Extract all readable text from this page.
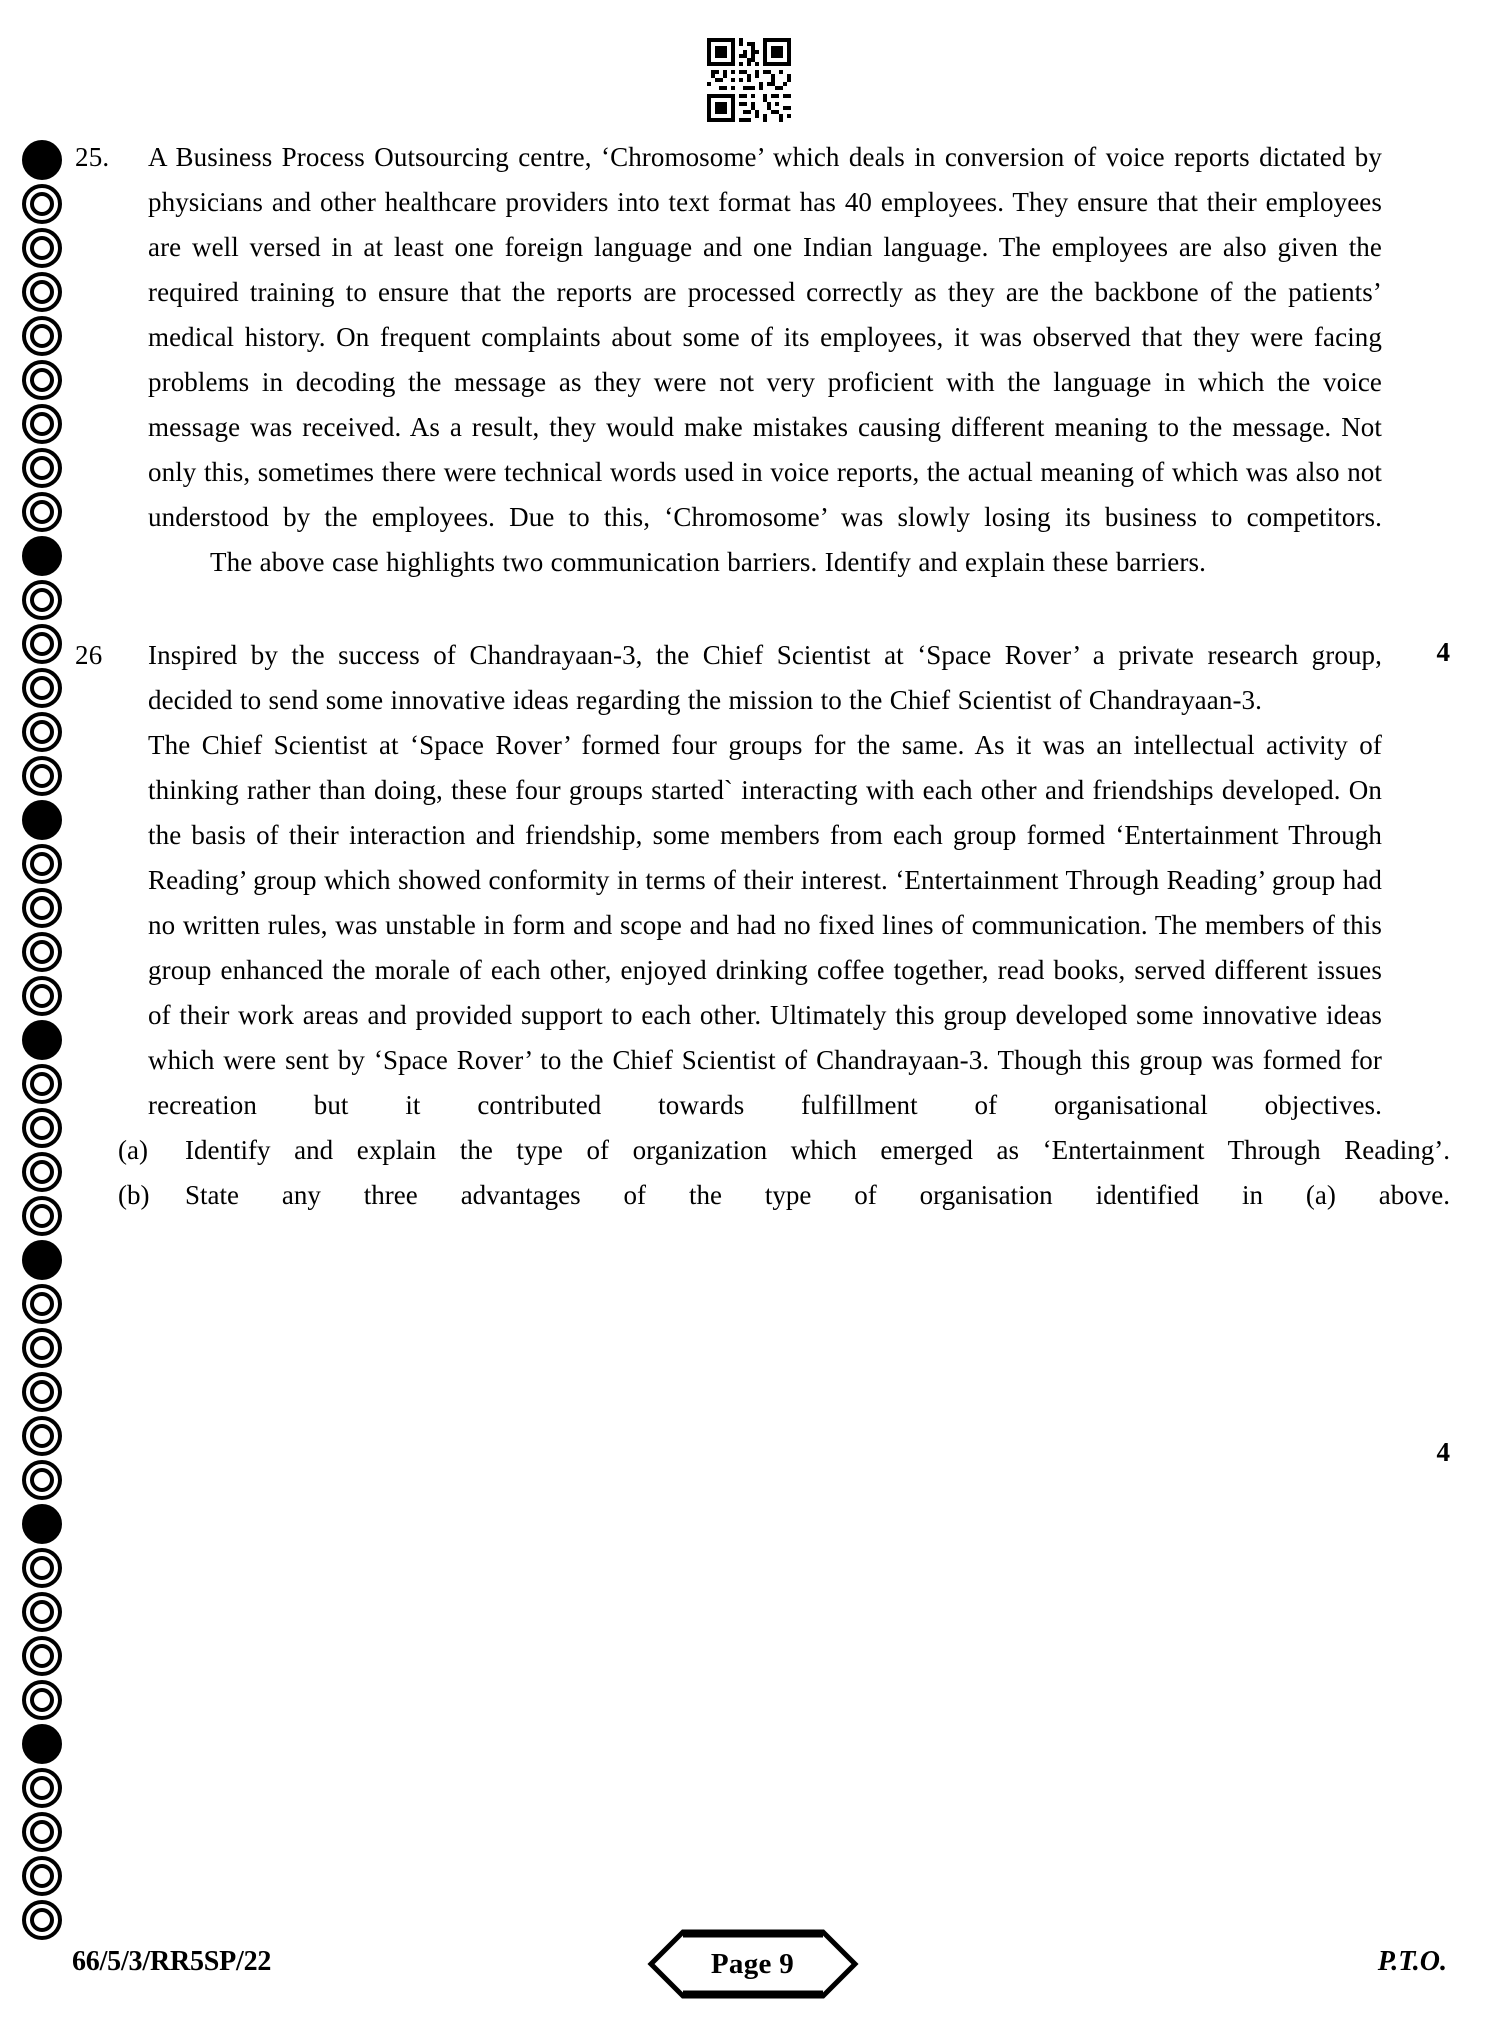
25.	A Business Process Outsourcing centre, ‘Chromosome’ which deals in conversion of voice reports dictated by physicians and other healthcare providers into text format has 40 employees. They ensure that their employees are well versed in at least one foreign language and one Indian language. The employees are also given the required training to ensure that the reports are processed correctly as they are the backbone of the patients’ medical history. On frequent complaints about some of its employees, it was observed that they were facing problems in decoding the message as they were not very proficient with the language in which the voice message was received. As a result, they would make mistakes causing different meaning to the message. Not only this, sometimes there were technical words used in voice reports, the actual meaning of which was also not understood by the employees. Due to this, ‘Chromosome’ was slowly losing its business to competitors.

The above case highlights two communication barriers. Identify and explain these barriers.

4
26	Inspired by the success of Chandrayaan-3, the Chief Scientist at ‘Space Rover’ a private research group, decided to send some innovative ideas regarding the mission to the Chief Scientist of Chandrayaan-3.

The Chief Scientist at ‘Space Rover’ formed four groups for the same. As it was an intellectual activity of thinking rather than doing, these four groups started` interacting with each other and friendships developed. On the basis of their interaction and friendship, some members from each group formed ‘Entertainment Through Reading’ group which showed conformity in terms of their interest. ‘Entertainment Through Reading’ group had no written rules, was unstable in form and scope and had no fixed lines of communication. The members of this group enhanced the morale of each other, enjoyed drinking coffee together, read books, served different issues of their work areas and provided support to each other. Ultimately this group developed some innovative ideas which were sent by ‘Space Rover’ to the Chief Scientist of Chandrayaan-3. Though this group was formed for recreation but it contributed towards fulfillment of organisational objectives.

(a)	Identify and explain the type of organization which emerged as ‘Entertainment Through Reading’.
(b)	State any three advantages of the type of organisation identified in (a) above.
4
66/5/3/RR5SP/22	Page 9	P.T.O.
